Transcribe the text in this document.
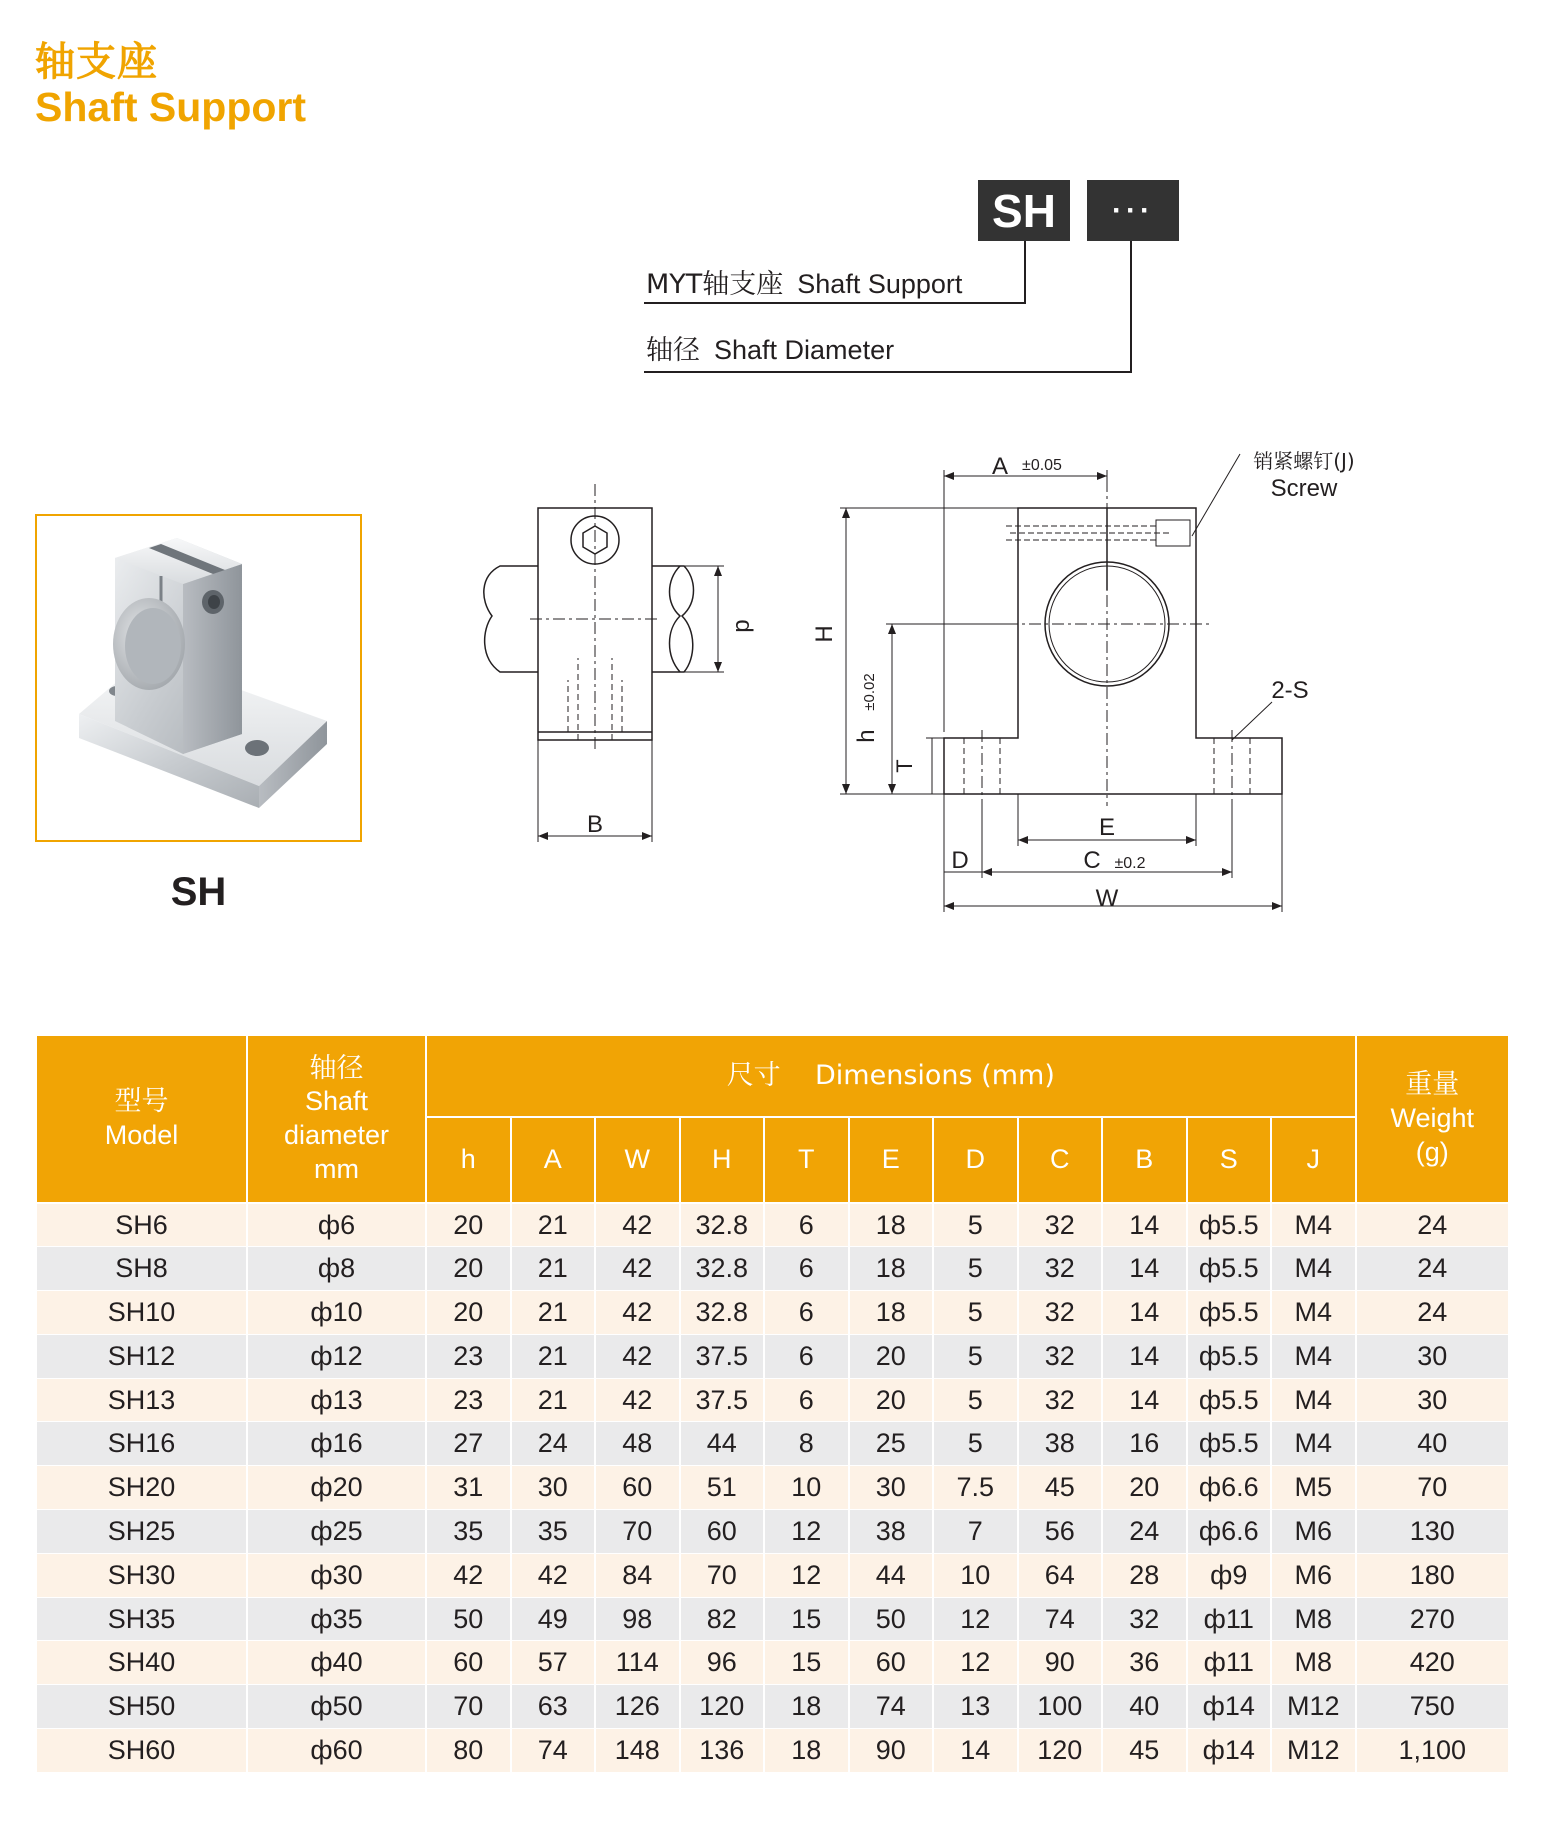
轴支座
Shaft Support
SH	···
MYT轴支座 Shaft Support
轴径 Shaft Diameter
SH
d
B
A ±0.05	销紧螺钉(J)
Screw
H
h
±0.02
T
2-S
E
D	C ±0.2
W
型号
Model	轴径
Shaft
diameter
mm	尺寸    Dimensions (mm)											重量
Weight
(g)

		h	A	W	H	T	E	D	C	B	S	J	
SH6	ф6	20	21	42	32.8	6	18	5	32	14	ф5.5	M4	24
SH8	ф8	20	21	42	32.8	6	18	5	32	14	ф5.5	M4	24
SH10	ф10	20	21	42	32.8	6	18	5	32	14	ф5.5	M4	24
SH12	ф12	23	21	42	37.5	6	20	5	32	14	ф5.5	M4	30
SH13	ф13	23	21	42	37.5	6	20	5	32	14	ф5.5	M4	30
SH16	ф16	27	24	48	44	8	25	5	38	16	ф5.5	M4	40
SH20	ф20	31	30	60	51	10	30	7.5	45	20	ф6.6	M5	70
SH25	ф25	35	35	70	60	12	38	7	56	24	ф6.6	M6	130
SH30	ф30	42	42	84	70	12	44	10	64	28	ф9	M6	180
SH35	ф35	50	49	98	82	15	50	12	74	32	ф11	M8	270
SH40	ф40	60	57	114	96	15	60	12	90	36	ф11	M8	420
SH50	ф50	70	63	126	120	18	74	13	100	40	ф14	M12	750
SH60	ф60	80	74	148	136	18	90	14	120	45	ф14	M12	1,100
